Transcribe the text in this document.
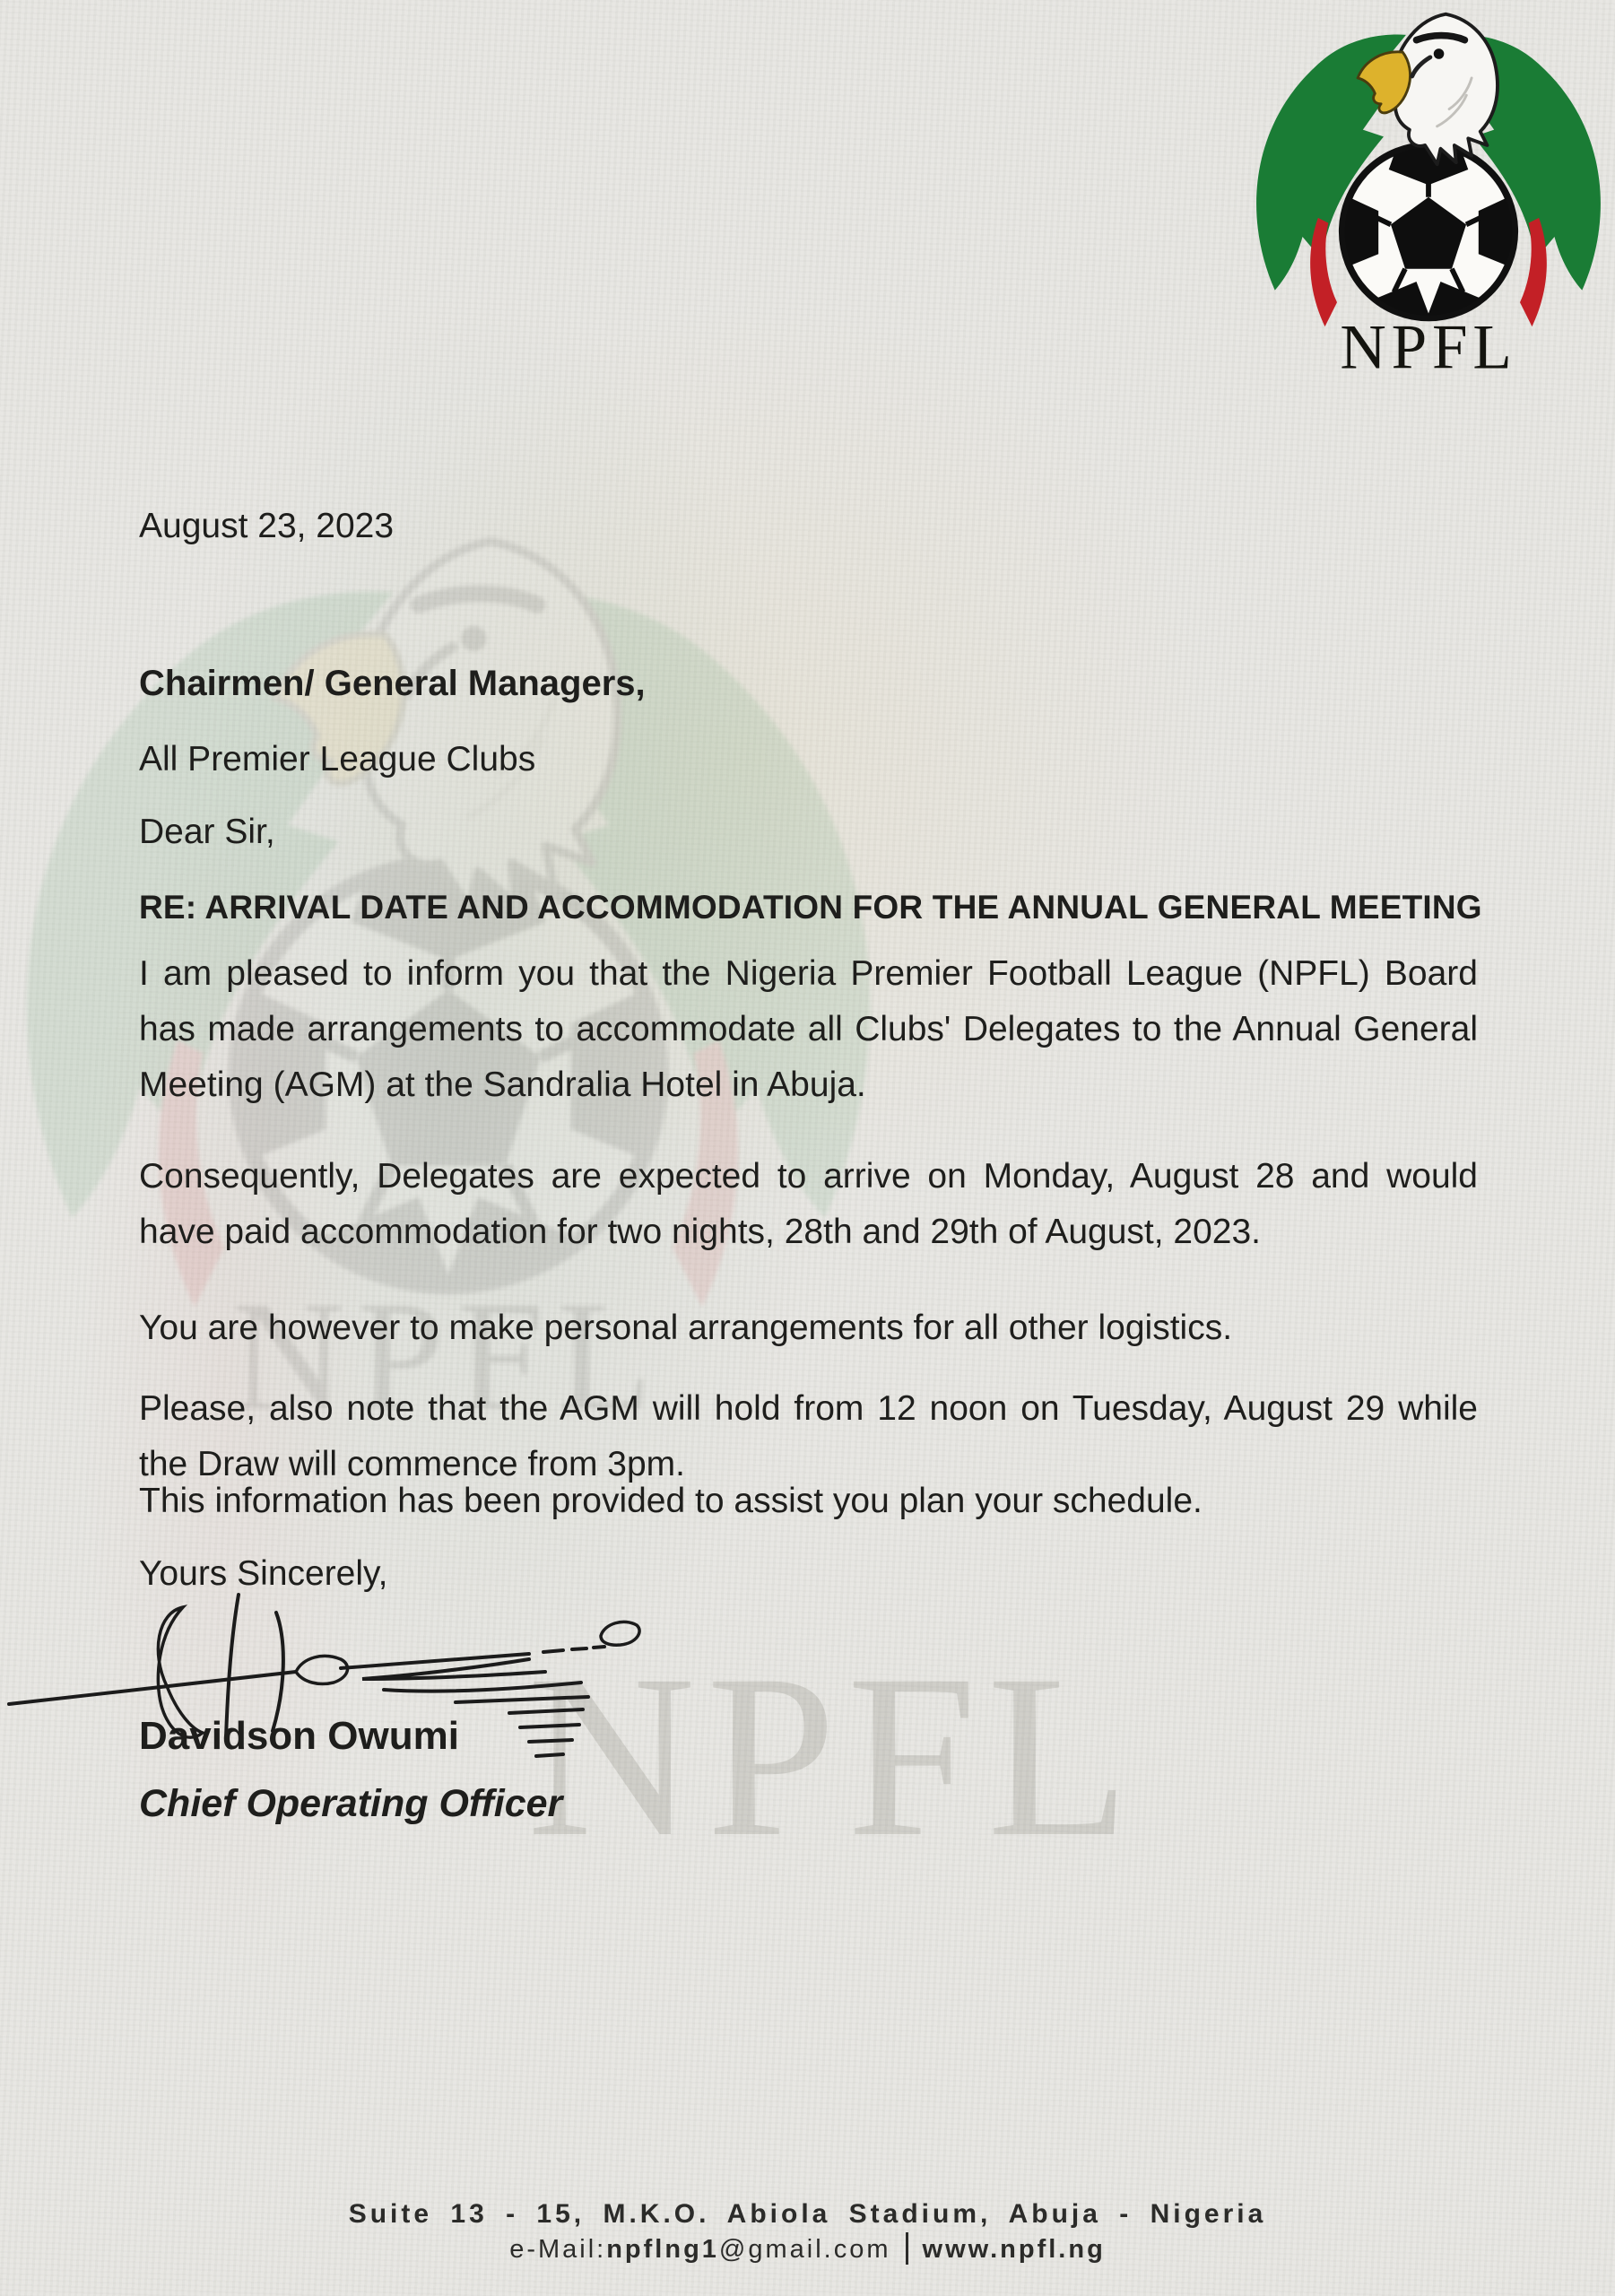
NPFL
August 23, 2023
Chairmen/ General Managers,
All Premier League Clubs
Dear Sir,
RE: ARRIVAL DATE AND ACCOMMODATION FOR THE ANNUAL GENERAL MEETING
I am pleased to inform you that the Nigeria Premier Football League (NPFL) Board has made arrangements to accommodate all Clubs' Delegates to the Annual General Meeting (AGM) at the Sandralia Hotel in Abuja.
Consequently, Delegates are expected to arrive on Monday, August 28 and would have paid accommodation for two nights, 28th and 29th of August, 2023.
You are however to make personal arrangements for all other logistics.
Please, also note that the AGM will hold from 12 noon on Tuesday, August 29 while the Draw will commence from 3pm.
This information has been provided to assist you plan your schedule.
Yours Sincerely,
Davidson Owumi
Chief Operating Officer
Suite 13 - 15, M.K.O. Abiola Stadium, Abuja - Nigeria
e-Mail:npflng1@gmail.com www.npfl.ng
